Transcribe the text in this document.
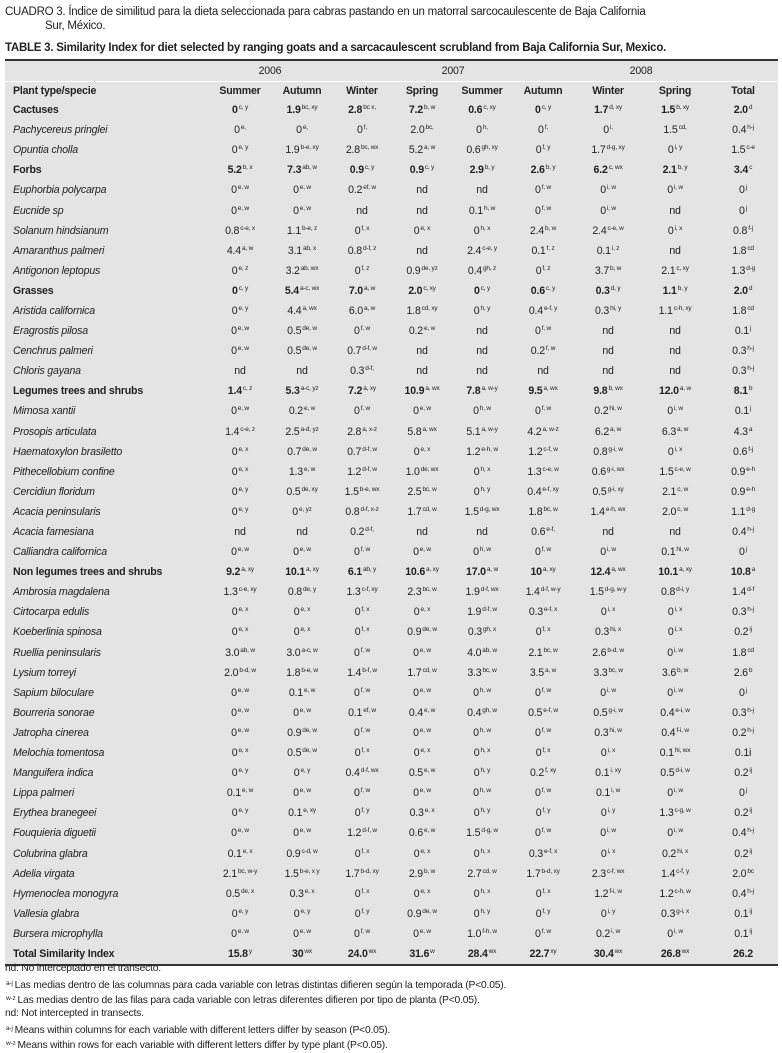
CUADRO 3. Índice de similitud para la dieta seleccionada para cabras pastando en un matorral sarcocaulescente de Baja California
Sur, México.
TABLE 3. Similarity Index for diet selected by ranging goats and a sarcacaulescent scrubland from Baja California Sur, Mexico.
	2006		2007				2008		
Plant type/specie	Summer	Autumn	Winter	Spring	Summer	Autumn	Winter	Spring	Total
Cactuses	0$^{c, y}$	$1.9^{bc, xy}$	$2.8^{bc x,}$	7.2$^{b, w}$	$0.6^{c, xy}$	0$^{c, y}$	$1.7^{d, xy}$	$1.5^{b, xy}$	2.0$^d$
Pachycereus pringlei	$0^{e,}$	$0^{e,}$	$0^{f,}$	$2.0^{bc,}$	$0^{h,}$	$0^{f,}$	$0^{i,}$	$1.5^{cd,}$	0.4$^{h-j}$
Opuntia cholla	0$^{e, y}$	$1.9^{b-e, xy}$	$2.8^{bc, wx}$	5.2$^{a, w}$	$0.6^{gh, xy}$	0$^{f, y}$	$1.7^{d-g, xy}$	0$^{i, y}$	1.5$^{c-e}$
Forbs	5.2$^{b, x}$	$7.3^{ab, w}$	0.9$^{c, y}$	0.9$^{c, y}$	2.9$^{b, y}$	2.6$^{b, y}$	$6.2^{c, wx}$	2.1$^{b, y}$	3.4$^c$
Euphorbia polycarpa	0$^{e, w}$	0$^{e, w}$	$0.2^{ef, w}$	nd	nd	0$^{f, w}$	0$^{i, w}$	0$^{i, w}$	0$^j$
Eucnide sp	0$^{e, w}$	0$^{e, w}$	nd	nd	0.1$^{h, w}$	0$^{f, w}$	0$^{i, w}$	nd	0$^j$
Solanum hindsianum	0.8$^{c-e, x}$	1.1$^{b-e, z}$	0$^{f, x}$	0$^{e, x}$	0$^{h, x}$	2.4$^{b, w}$	2.4$^{c-e, w}$	0$^{i, x}$	0.8$^{f-j}$
Amaranthus palmeri	4.4$^{a, w}$	$3.1^{ab, x}$	0.8$^{d-f, z}$	nd	2.4$^{c-e, y}$	0.1$^{f, z}$	0.1$^{i, z}$	nd	1.8$^{cd}$
Antigonon leptopus	0$^{e, z}$	$3.2^{ab, wx}$	0$^{f, z}$	$0.9^{de, yz}$	$0.4^{gh, z}$	0$^{f, z}$	3.7$^{b, w}$	$2.1^{c, xy}$	1.3$^{d-g}$
Grasses	0$^{c, y}$	$5.4^{a-c, wx}$	7.0$^{a, w}$	$2.0^{c, xy}$	0$^{c, y}$	0.6$^{c, y}$	0.3$^{d, y}$	1.1$^{b, y}$	2.0$^d$
Aristida californica	0$^{e, y}$	$4.4^{a, wx}$	6.0$^{a, w}$	$1.8^{cd, xy}$	0$^{h, y}$	0.4$^{e-f, y}$	$0.3^{hi, y}$	$1.1^{c-h, xy}$	1.8$^{cd}$
Eragrostis pilosa	0$^{e, w}$	$0.5^{de, w}$	0$^{f, w}$	0.2$^{e, w}$	nd	0$^{f, w}$	nd	nd	0.1$^j$
Cenchrus palmeri	0$^{e, w}$	$0.5^{de, w}$	0.7$^{d-f, w}$	nd	nd	0.2$^{f, w}$	nd	nd	0.3$^{h-j}$
Chloris gayana	nd	nd	$0.3^{d-f,}$	nd	nd	nd	nd	nd	0.3$^{h-j}$
Legumes trees and shrubs	1.4$^{c, z}$	$5.3^{a-c, yz}$	$7.2^{a, xy}$	$10.9^{a, wx}$	7.8$^{a, w-y}$	$9.5^{a, wx}$	$9.8^{b, wx}$	12.0$^{a, w}$	8.1$^b$
Mimosa xantii	0$^{e, w}$	0.2$^{e, w}$	0$^{f, w}$	0$^{e, w}$	0$^{h, w}$	0$^{f, w}$	$0.2^{hi, w}$	0$^{i, w}$	0.1$^j$
Prosopis articulata	1.4$^{c-e, z}$	$2.5^{a-d, yz}$	2.8$^{a, x-z}$	$5.8^{a, wx}$	5.1$^{a, w-y}$	4.2$^{a, w-z}$	6.2$^{a, w}$	6.3$^{a, w}$	4.3$^a$
Haematoxylon brasiletto	0$^{e, x}$	$0.7^{de, w}$	0.7$^{d-f, w}$	0$^{e, x}$	1.2$^{e-h, w}$	1.2$^{c-f, w}$	0.8$^{g-i, w}$	0$^{i, x}$	0.6$^{f-j}$
Pithecellobium confine	0$^{e, x}$	1.3$^{e, w}$	1.2$^{d-f, w}$	$1.0^{de, wx}$	0$^{h, x}$	1.3$^{c-e, w}$	$0.6^{g-i, wx}$	1.5$^{c-e, w}$	0.9$^{e-h}$
Cercidiun floridum	0$^{e, y}$	$0.5^{de, xy}$	$1.5^{b-e, wx}$	$2.5^{bc, w}$	0$^{h, y}$	$0.4^{e-f, xy}$	$0.5^{g-i, xy}$	2.1$^{c, w}$	0.9$^{e-h}$
Acacia peninsularis	0$^{e, y}$	$0^{e, yz}$	0.8$^{d-f, x-z}$	$1.7^{cd, w}$	$1.5^{d-g, wx}$	$1.8^{bc, w}$	$1.4^{e-h, wx}$	2.0$^{c, w}$	1.1$^{d-g}$
Acacia farnesiana	nd	nd	$0.2^{d-f,}$	nd	nd	$0.6^{e-f,}$	nd	nd	0.4$^{h-j}$
Calliandra californica	0$^{e, w}$	0$^{e, w}$	0$^{f, w}$	0$^{e, w}$	0$^{h, w}$	0$^{f, w}$	0$^{i, w}$	$0.1^{hi, w}$	0$^j$
Non legumes trees and shrubs	$9.2^{a, xy}$	$10.1^{a, xy}$	$6.1^{ab, y}$	$10.6^{a, xy}$	17.0$^{a, w}$	$10^{a, xy}$	$12.4^{a, wx}$	$10.1^{a, xy}$	10.8$^a$
Ambrosia magdalena	$1.3^{c-e, xy}$	$0.8^{de, y}$	$1.3^{c-f, xy}$	$2.3^{bc, w}$	$1.9^{d-f, wx}$	1.4$^{d-f, w-y}$	1.5$^{d-g, w-y}$	0.8$^{d-i, y}$	1.4$^{d-f}$
Cirtocarpa edulis	0$^{e, x}$	0$^{e, x}$	0$^{f, x}$	0$^{e, x}$	1.9$^{d-f, w}$	0.3$^{e-f, x}$	0$^{i, x}$	0$^{i, x}$	0.3$^{h-j}$
Koeberlinia spinosa	0$^{e, x}$	0$^{e, x}$	0$^{f, x}$	$0.9^{de, w}$	$0.3^{gh, x}$	0$^{f, x}$	$0.3^{hi, x}$	0$^{i, x}$	$0.2^{ij}$
Ruellia peninsularis	$3.0^{ab, w}$	3.0$^{a-c, w}$	0$^{f, w}$	0$^{e, w}$	$4.0^{ab, w}$	$2.1^{bc, w}$	2.6$^{b-d, w}$	0$^{i, w}$	1.8$^{cd}$
Lysium torreyi	2.0$^{b-d, w}$	1.8$^{b-e, w}$	1.4$^{b-f, w}$	$1.7^{cd, w}$	$3.3^{bc, w}$	3.5$^{a, w}$	$3.3^{bc, w}$	3.6$^{b, w}$	2.6$^b$
Sapium biloculare	0$^{e, w}$	0.1$^{e, w}$	0$^{f, w}$	0$^{e, w}$	0$^{h, w}$	0$^{f, w}$	0$^{i, w}$	0$^{i, w}$	0$^j$
Bourreria sonorae	0$^{e, w}$	0$^{e, w}$	$0.1^{ef, w}$	0.4$^{e, w}$	$0.4^{gh, w}$	0.5$^{e-f, w}$	0.5$^{g-i, w}$	0.4$^{e-i, w}$	0.3$^{h-j}$
Jatropha cinerea	0$^{e, w}$	$0.9^{de, w}$	0$^{f, w}$	0$^{e, w}$	0$^{h, w}$	0$^{f, w}$	$0.3^{hi, w}$	0.4$^{f-i, w}$	0.2$^{h-j}$
Melochia tomentosa	0$^{e, x}$	$0.5^{de, w}$	0$^{f, x}$	0$^{e, x}$	0$^{h, x}$	0$^{f, x}$	0$^{i, x}$	$0.1^{hi, wx}$	0.1i
Manguifera indica	0$^{e, y}$	0$^{e, y}$	$0.4^{d-f, wx}$	0.5$^{e, w}$	0$^{h, y}$	$0.2^{f, xy}$	$0.1^{i, xy}$	0.5$^{d-i, w}$	$0.2^{ij}$
Lippa palmeri	0.1$^{e, w}$	0$^{e, w}$	0$^{f, w}$	0$^{e, w}$	0$^{h, w}$	0$^{f, w}$	0.1$^{i, w}$	0$^{i, w}$	0$^j$
Erythea branegeei	0$^{e, y}$	$0.1^{e, xy}$	0$^{f, y}$	0.3$^{e, x}$	0$^{h, y}$	0$^{f, y}$	0$^{i, y}$	1.3$^{c-g, w}$	$0.2^{ij}$
Fouquieria diguetii	0$^{e, w}$	0$^{e, w}$	1.2$^{d-f, w}$	0.6$^{e, w}$	1.5$^{d-g, w}$	0$^{f, w}$	0$^{i, w}$	0$^{i, w}$	0.4$^{h-j}$
Colubrina glabra	0.1$^{e, x}$	0.9$^{c-d, w}$	0$^{f, x}$	0$^{e, x}$	0$^{h, x}$	0.3$^{e-f, x}$	0$^{i, x}$	$0.2^{hi, x}$	$0.2^{ij}$
Adelia virgata	$2.1^{bc, w-y}$	$1.5^{b-e, x y}$	$1.7^{b-d, xy}$	2.9$^{b, w}$	$2.7^{cd, w}$	$1.7^{b-d, xy}$	$2.3^{c-f, wx}$	1.4$^{c-f, y}$	2.0$^{bc}$
Hymenoclea monogyra	$0.5^{de, x}$	0.3$^{e, x}$	0$^{f, x}$	0$^{e, x}$	0$^{h, x}$	0$^{f, x}$	1.2$^{f-i, w}$	1.2$^{c-h, w}$	0.4$^{h-j}$
Vallesia glabra	0$^{e, y}$	0$^{e, y}$	0$^{f, y}$	$0.9^{de, w}$	0$^{h, y}$	0$^{f, y}$	0$^{i, y}$	0.3$^{g-i, x}$	$0.1^{ij}$
Bursera microphylla	0$^{e, w}$	0$^{e, w}$	0$^{f, w}$	0$^{e, w}$	1.0$^{f-h, w}$	0$^{f, w}$	0.2$^{i, w}$	0$^{i, w}$	$0.1^{ij}$
Total Similarity Index	15.8$^y$	$30^{wx}$	$24.0^{wx}$	31.6$^w$	$28.4^{wx}$	$22.7^{xy}$	$30.4^{wx}$	$26.8^{wx}$	26.2
nd: No interceptado en el transecto.
$^{a-j}$ Las medias dentro de las columnas para cada variable con letras distintas difieren según la temporada (P<0.05).
$^{w-z}$ Las medias dentro de las filas para cada variable con letras diferentes difieren por tipo de planta (P<0.05).
nd: Not intercepted in transects.
$^{a-j}$ Means within columns for each variable with different letters differ by season (P<0.05).
$^{w-z}$ Means within rows for each variable with different letters differ by type plant (P<0.05).
